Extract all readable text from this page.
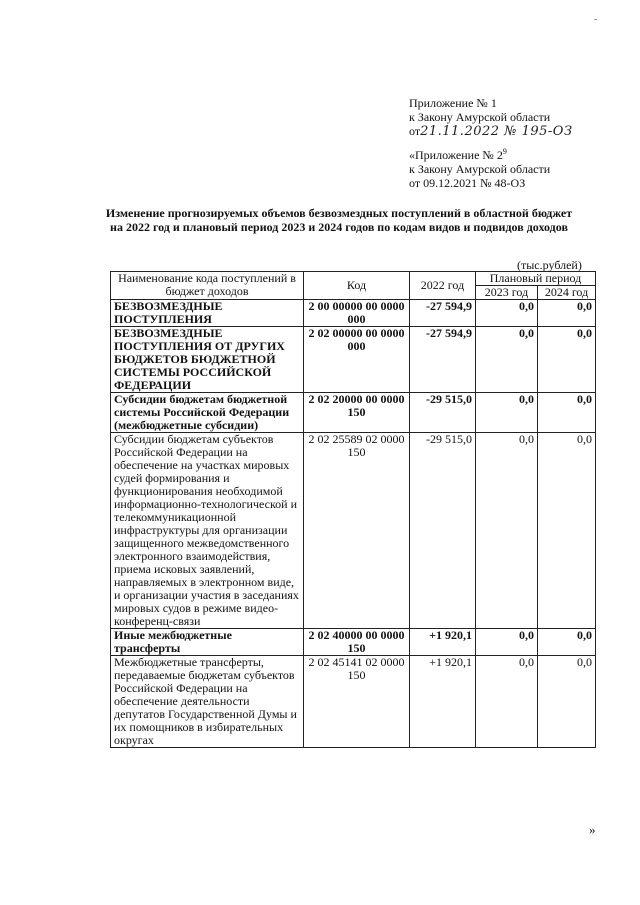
-
Приложение № 1
к Закону Амурской области
от21.11.2022 № 195-ОЗ
«Приложение № $2^9$
к Закону Амурской области
от 09.12.2021 № 48-ОЗ
Изменение прогнозируемых объемов безвозмездных поступлений в областной бюджет на 2022 год и плановый период 2023 и 2024 годов по кодам видов и подвидов доходов
(тыс.рублей)
Наименование кода поступлений в бюджет доходов	Код	2022 год	Плановый период	
			2023 год	2024 год
БЕЗВОЗМЕЗДНЫЕ ПОСТУПЛЕНИЯ	2 00 00000 00 0000 000	-27 594,9	0,0	0,0
БЕЗВОЗМЕЗДНЫЕ ПОСТУПЛЕНИЯ ОТ ДРУГИХ БЮДЖЕТОВ БЮДЖЕТНОЙ СИСТЕМЫ РОССИЙСКОЙ ФЕДЕРАЦИИ	2 02 00000 00 0000 000	-27 594,9	0,0	0,0
Субсидии бюджетам бюджетной системы Российской Федерации (межбюджетные субсидии)	2 02 20000 00 0000 150	-29 515,0	0,0	0,0
Субсидии бюджетам субъектов Российской Федерации на обеспечение на участках мировых судей формирования и функционирования необходимой информационно-технологической и телекоммуникационной инфраструктуры для организации защищенного межведомственного электронного взаимодействия, приема исковых заявлений, направляемых в электронном виде, и организации участия в заседаниях мировых судов в режиме видео-конференц-связи	2 02 25589 02 0000 150	-29 515,0	0,0	0,0
Иные межбюджетные трансферты	2 02 40000 00 0000 150	+1 920,1	0,0	0,0
Межбюджетные трансферты, передаваемые бюджетам субъектов Российской Федерации на обеспечение деятельности депутатов Государственной Думы и их помощников в избирательных округах	2 02 45141 02 0000 150	+1 920,1	0,0	0,0
»
